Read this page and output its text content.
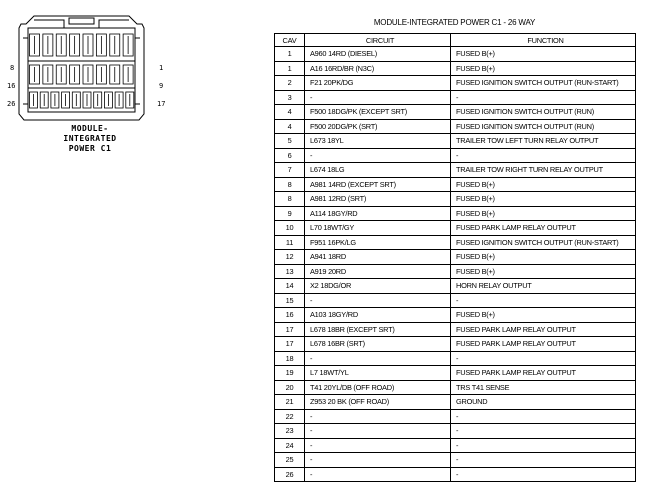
8	1
16	9
26	17
MODULE-
INTEGRATED
POWER C1
MODULE-INTEGRATED POWER C1 - 26 WAY
CAV	CIRCUIT	FUNCTION
1	A960 14RD (DIESEL)	FUSED B(+)
1	A16 16RD/BR (N3C)	FUSED B(+)
2	F21 20PK/DG	FUSED IGNITION SWITCH OUTPUT (RUN-START)
3	-	-
4	F500 18DG/PK (EXCEPT SRT)	FUSED IGNITION SWITCH OUTPUT (RUN)
4	F500 20DG/PK (SRT)	FUSED IGNITION SWITCH OUTPUT (RUN)
5	L673 18YL	TRAILER TOW LEFT TURN RELAY OUTPUT
6	-	-
7	L674 18LG	TRAILER TOW RIGHT TURN RELAY OUTPUT
8	A981 14RD (EXCEPT SRT)	FUSED B(+)
8	A981 12RD (SRT)	FUSED B(+)
9	A114 18GY/RD	FUSED B(+)
10	L70 18WT/GY	FUSED PARK LAMP RELAY OUTPUT
11	F951 16PK/LG	FUSED IGNITION SWITCH OUTPUT (RUN-START)
12	A941 18RD	FUSED B(+)
13	A919 20RD	FUSED B(+)
14	X2 18DG/OR	HORN RELAY OUTPUT
15	-	-
16	A103 18GY/RD	FUSED B(+)
17	L678 18BR (EXCEPT SRT)	FUSED PARK LAMP RELAY OUTPUT
17	L678 16BR (SRT)	FUSED PARK LAMP RELAY OUTPUT
18	-	-
19	L7 18WT/YL	FUSED PARK LAMP RELAY OUTPUT
20	T41 20YL/DB (OFF ROAD)	TRS T41 SENSE
21	Z953 20 BK (OFF ROAD)	GROUND
22	-	-
23	-	-
24	-	-
25	-	-
26	-	-
